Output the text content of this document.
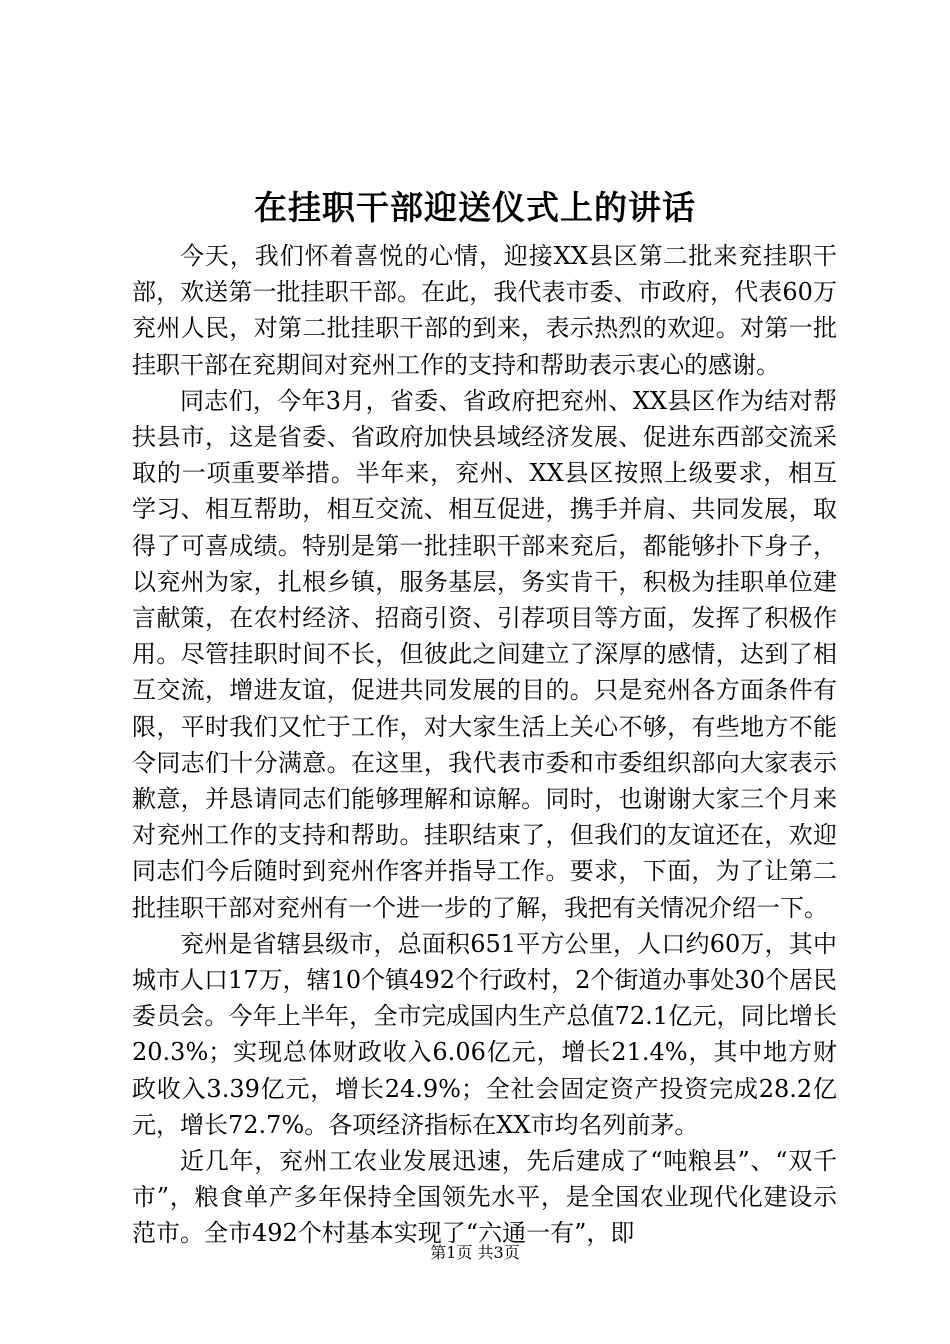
在挂职干部迎送仪式上的讲话

今天，我们怀着喜悦的心情，迎接XX县区第二批来兖挂职干部，欢送第一批挂职干部。在此，我代表市委、市政府，代表60万兖州人民，对第二批挂职干部的到来，表示热烈的欢迎。对第一批挂职干部在兖期间对兖州工作的支持和帮助表示衷心的感谢。

同志们，今年3月，省委、省政府把兖州、XX县区作为结对帮扶县市，这是省委、省政府加快县域经济发展、促进东西部交流采取的一项重要举措。半年来，兖州、XX县区按照上级要求，相互学习、相互帮助，相互交流、相互促进，携手并肩、共同发展，取得了可喜成绩。特别是第一批挂职干部来兖后，都能够扑下身子，以兖州为家，扎根乡镇，服务基层，务实肯干，积极为挂职单位建言献策，在农村经济、招商引资、引荐项目等方面，发挥了积极作用。尽管挂职时间不长，但彼此之间建立了深厚的感情，达到了相互交流，增进友谊，促进共同发展的目的。只是兖州各方面条件有限，平时我们又忙于工作，对大家生活上关心不够，有些地方不能令同志们十分满意。在这里，我代表市委和市委组织部向大家表示歉意，并恳请同志们能够理解和谅解。同时，也谢谢大家三个月来对兖州工作的支持和帮助。挂职结束了，但我们的友谊还在，欢迎同志们今后随时到兖州作客并指导工作。要求，下面，为了让第二批挂职干部对兖州有一个进一步的了解，我把有关情况介绍一下。

兖州是省辖县级市，总面积651平方公里，人口约60万，其中城市人口17万，辖10个镇492个行政村，2个街道办事处30个居民委员会。今年上半年，全市完成国内生产总值72.1亿元，同比增长20.3%；实现总体财政收入6.06亿元，增长21.4%，其中地方财政收入3.39亿元，增长24.9%；全社会固定资产投资完成28.2亿元，增长72.7%。各项经济指标在XX市均名列前茅。

近几年，兖州工农业发展迅速，先后建成了“吨粮县”、“双千市”，粮食单产多年保持全国领先水平，是全国农业现代化建设示范市。全市492个村基本实现了“六通一有”，即

第1页 共3页
